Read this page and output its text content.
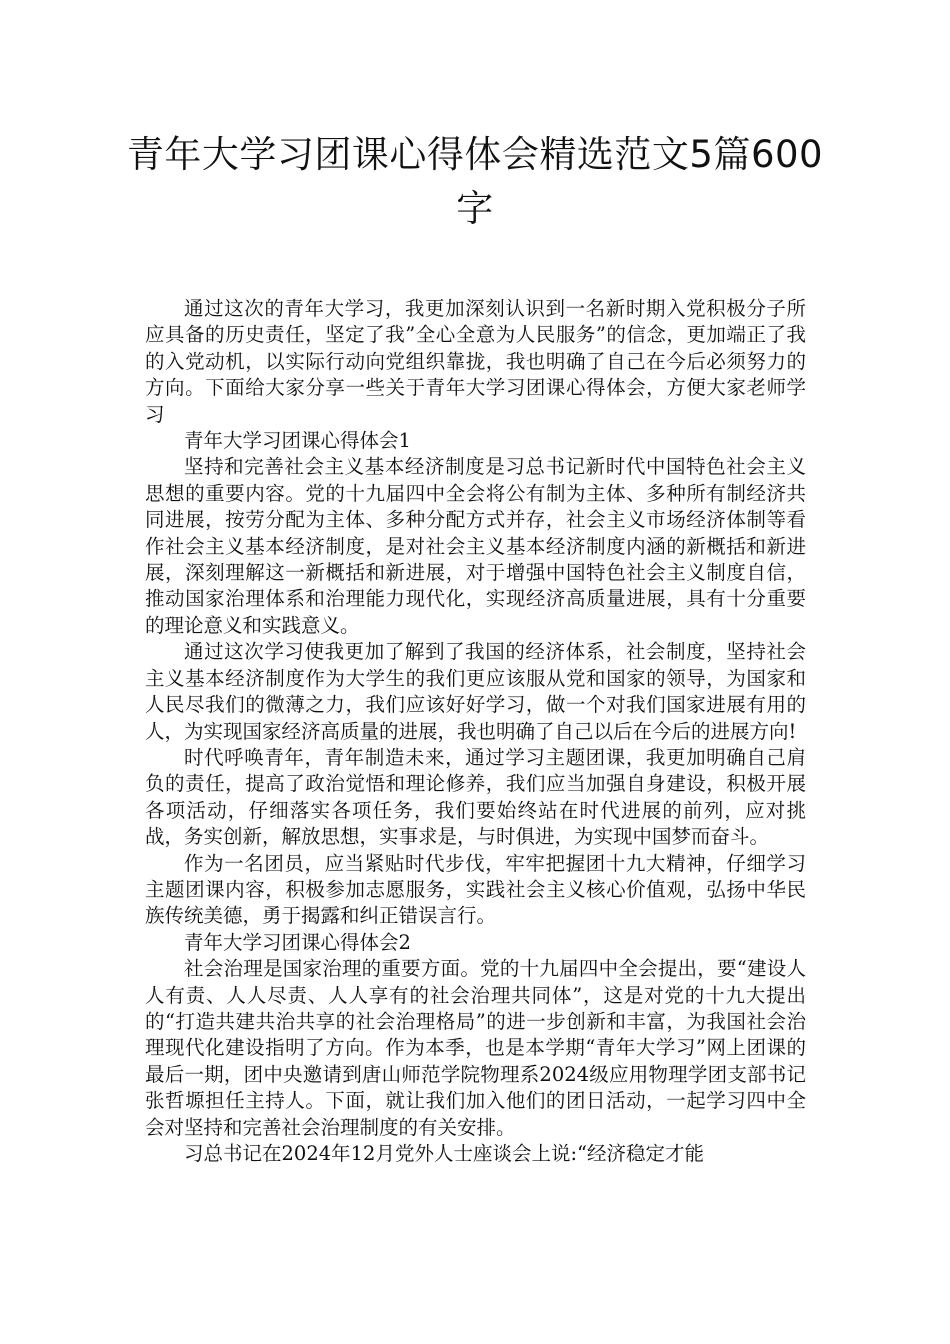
青年大学习团课心得体会精选范文5篇600字

通过这次的青年大学习，我更加深刻认识到一名新时期入党积极分子所应具备的历史责任，坚定了我”全心全意为人民服务”的信念，更加端正了我的入党动机，以实际行动向党组织靠拢，我也明确了自己在今后必须努力的方向。下面给大家分享一些关于青年大学习团课心得体会，方便大家老师学习

青年大学习团课心得体会1

坚持和完善社会主义基本经济制度是习总书记新时代中国特色社会主义思想的重要内容。党的十九届四中全会将公有制为主体、多种所有制经济共同进展，按劳分配为主体、多种分配方式并存，社会主义市场经济体制等看作社会主义基本经济制度，是对社会主义基本经济制度内涵的新概括和新进展，深刻理解这一新概括和新进展，对于增强中国特色社会主义制度自信，推动国家治理体系和治理能力现代化，实现经济高质量进展，具有十分重要的理论意义和实践意义。

通过这次学习使我更加了解到了我国的经济体系，社会制度，坚持社会主义基本经济制度作为大学生的我们更应该服从党和国家的领导，为国家和人民尽我们的微薄之力，我们应该好好学习，做一个对我们国家进展有用的人，为实现国家经济高质量的进展，我也明确了自己以后在今后的进展方向!

时代呼唤青年，青年制造未来，通过学习主题团课，我更加明确自己肩负的责任，提高了政治觉悟和理论修养，我们应当加强自身建设，积极开展各项活动，仔细落实各项任务，我们要始终站在时代进展的前列，应对挑战，务实创新，解放思想，实事求是，与时俱进，为实现中国梦而奋斗。

作为一名团员，应当紧贴时代步伐，牢牢把握团十九大精神，仔细学习主题团课内容，积极参加志愿服务，实践社会主义核心价值观，弘扬中华民族传统美德，勇于揭露和纠正错误言行。

青年大学习团课心得体会2

社会治理是国家治理的重要方面。党的十九届四中全会提出，要“建设人人有责、人人尽责、人人享有的社会治理共同体”，这是对党的十九大提出的“打造共建共治共享的社会治理格局”的进一步创新和丰富，为我国社会治理现代化建设指明了方向。作为本季，也是本学期“青年大学习”网上团课的最后一期，团中央邀请到唐山师范学院物理系2024级应用物理学团支部书记张哲塬担任主持人。下面，就让我们加入他们的团日活动，一起学习四中全会对坚持和完善社会治理制度的有关安排。

习总书记在2024年12月党外人士座谈会上说:“经济稳定才能
